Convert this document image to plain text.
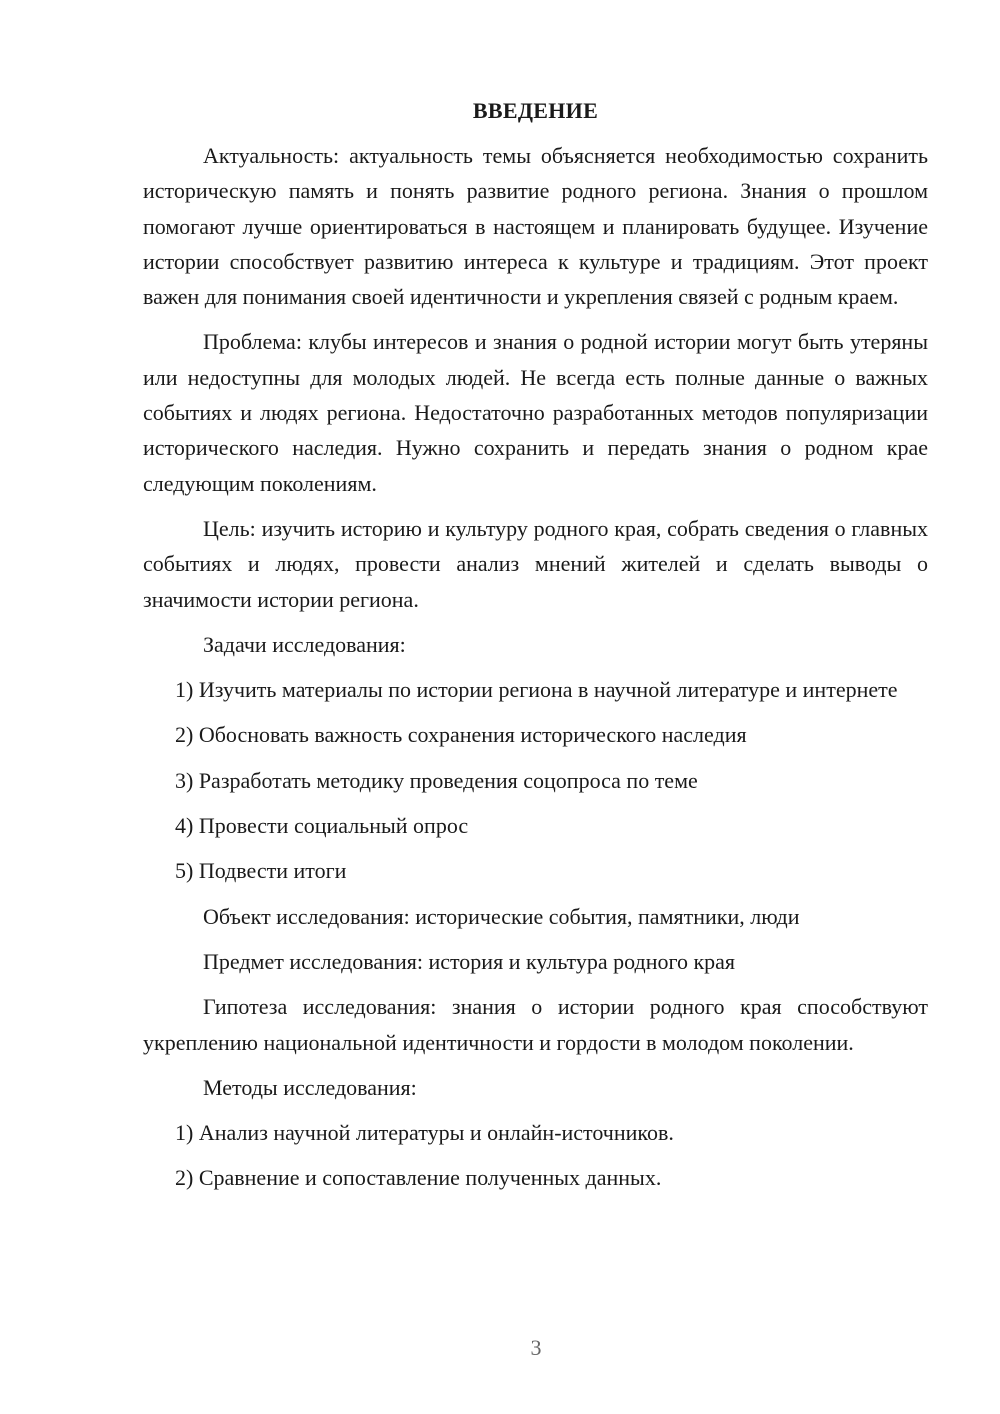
ВВЕДЕНИЕ

Актуальность: актуальность темы объясняется необходимостью сохранить историческую память и понять развитие родного региона. Знания о прошлом помогают лучше ориентироваться в настоящем и планировать будущее. Изучение истории способствует развитию интереса к культуре и традициям. Этот проект важен для понимания своей идентичности и укрепления связей с родным краем.

Проблема: клубы интересов и знания о родной истории могут быть утеряны или недоступны для молодых людей. Не всегда есть полные данные о важных событиях и людях региона. Недостаточно разработанных методов популяризации исторического наследия. Нужно сохранить и передать знания о родном крае следующим поколениям.

Цель: изучить историю и культуру родного края, собрать сведения о главных событиях и людях, провести анализ мнений жителей и сделать выводы о значимости истории региона.

Задачи исследования:
1) Изучить материалы по истории региона в научной литературе и интернете
2) Обосновать важность сохранения исторического наследия
3) Разработать методику проведения соцопроса по теме
4) Провести социальный опрос
5) Подвести итоги
Объект исследования: исторические события, памятники, люди
Предмет исследования: история и культура родного края

Гипотеза исследования: знания о истории родного края способствуют укреплению национальной идентичности и гордости в молодом поколении.

Методы исследования:
1) Анализ научной литературы и онлайн-источников.
2) Сравнение и сопоставление полученных данных.
3
